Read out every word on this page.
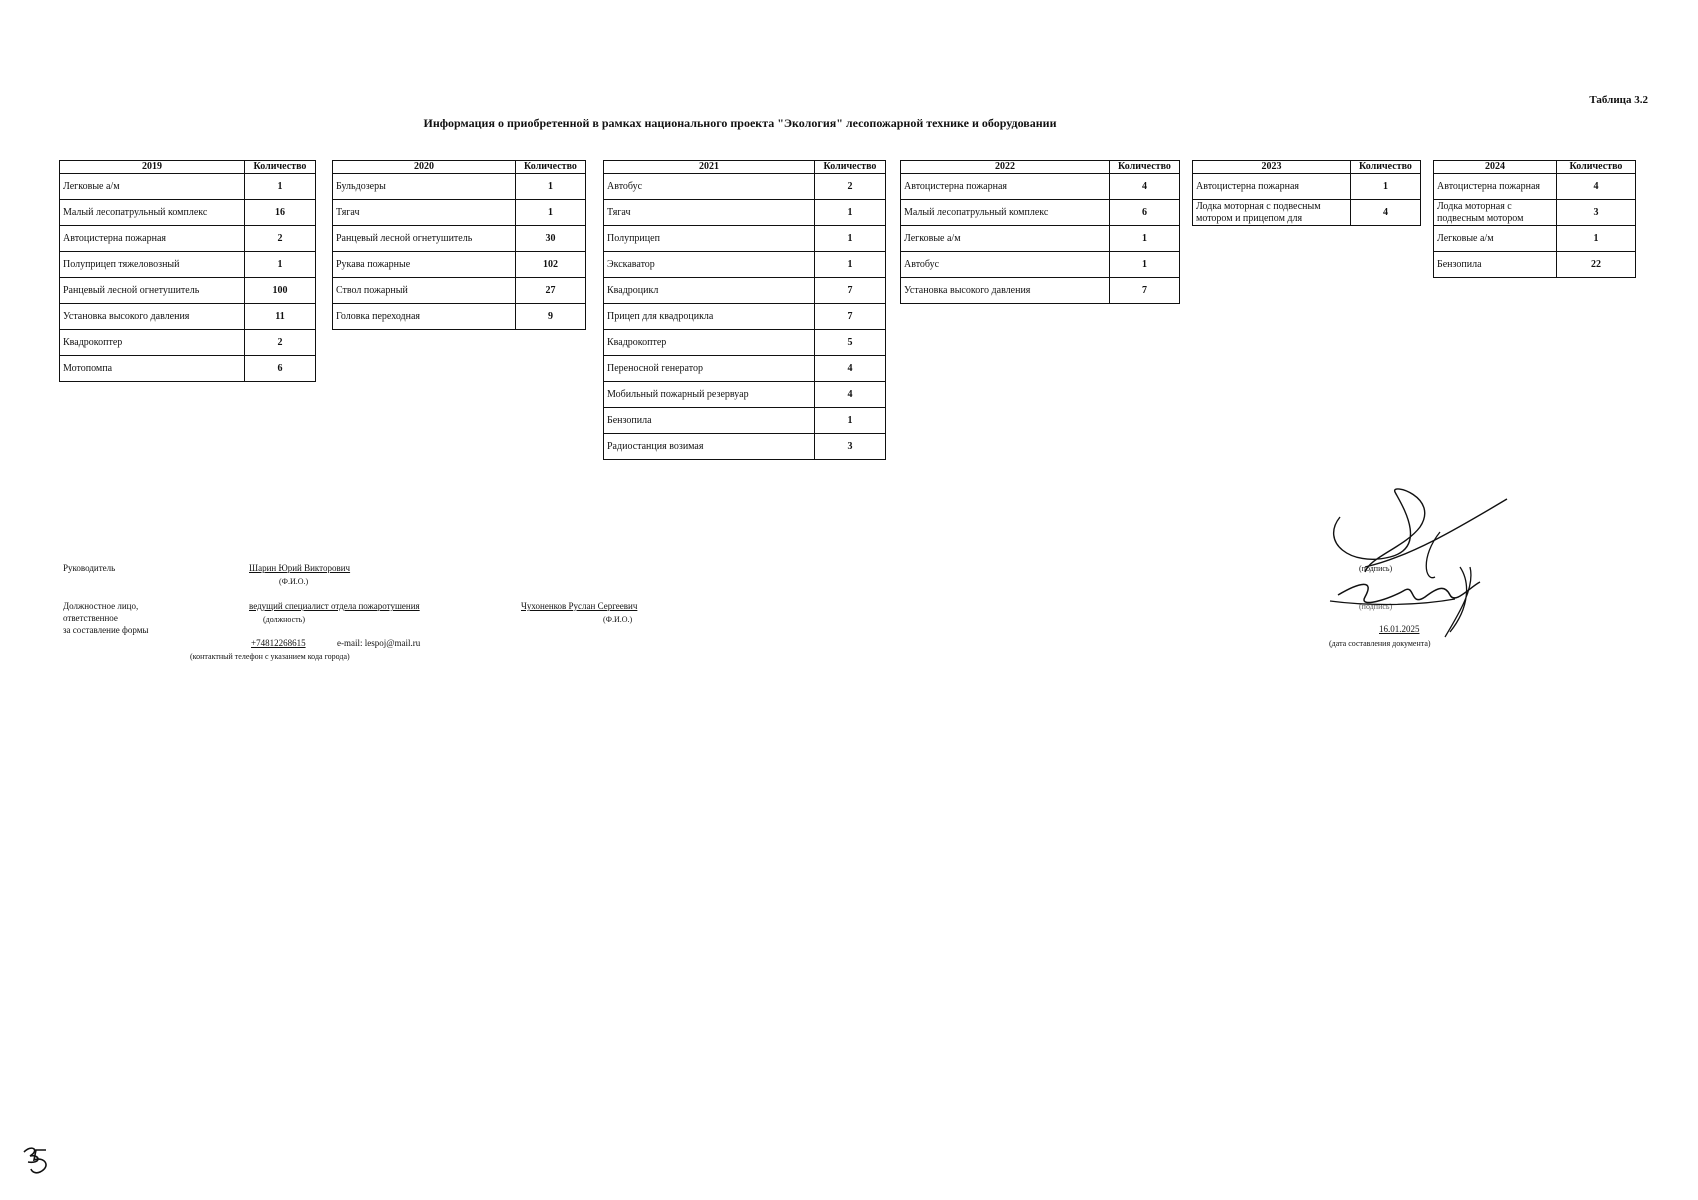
Таблица 3.2
Информация о приобретенной в рамках национального проекта "Экология" лесопожарной технике и оборудовании
2019	Количество
Легковые а/м	1
Малый лесопатрульный комплекс	16
Автоцистерна пожарная	2
Полуприцеп тяжеловозный	1
Ранцевый лесной огнетушитель	100
Установка высокого давления	11
Квадрокоптер	2
Мотопомпа	6
2020	Количество
Бульдозеры	1
Тягач	1
Ранцевый лесной огнетушитель	30
Рукава пожарные	102
Ствол пожарный	27
Головка переходная	9
2021	Количество
Автобус	2
Тягач	1
Полуприцеп	1
Экскаватор	1
Квадроцикл	7
Прицеп для квадроцикла	7
Квадрокоптер	5
Переносной генератор	4
Мобильный пожарный резервуар	4
Бензопила	1
Радиостанция возимая	3
2022	Количество
Автоцистерна пожарная	4
Малый лесопатрульный комплекс	6
Легковые а/м	1
Автобус	1
Установка высокого давления	7
2023	Количество
Автоцистерна пожарная	1

Лодка моторная с подвесным мотором и прицепом для	4
2024	Количество
Автоцистерна пожарная	4

Лодка моторная с подвесным мотором	3
Легковые а/м	1
Бензопила	22
Руководитель	Шарин Юрий Викторович
(Ф.И.О.)
Должностное лицо,
ответственное
за составление формы
ведущий специалист отдела пожаротушения
(должность)
Чухоненков Руслан Сергеевич
(Ф.И.О.)
+74812268615	e-mail: lespoj@mail.ru
(контактный телефон с указанием кода города)
(подпись)
(подпись)
16.01.2025
(дата составления документа)
